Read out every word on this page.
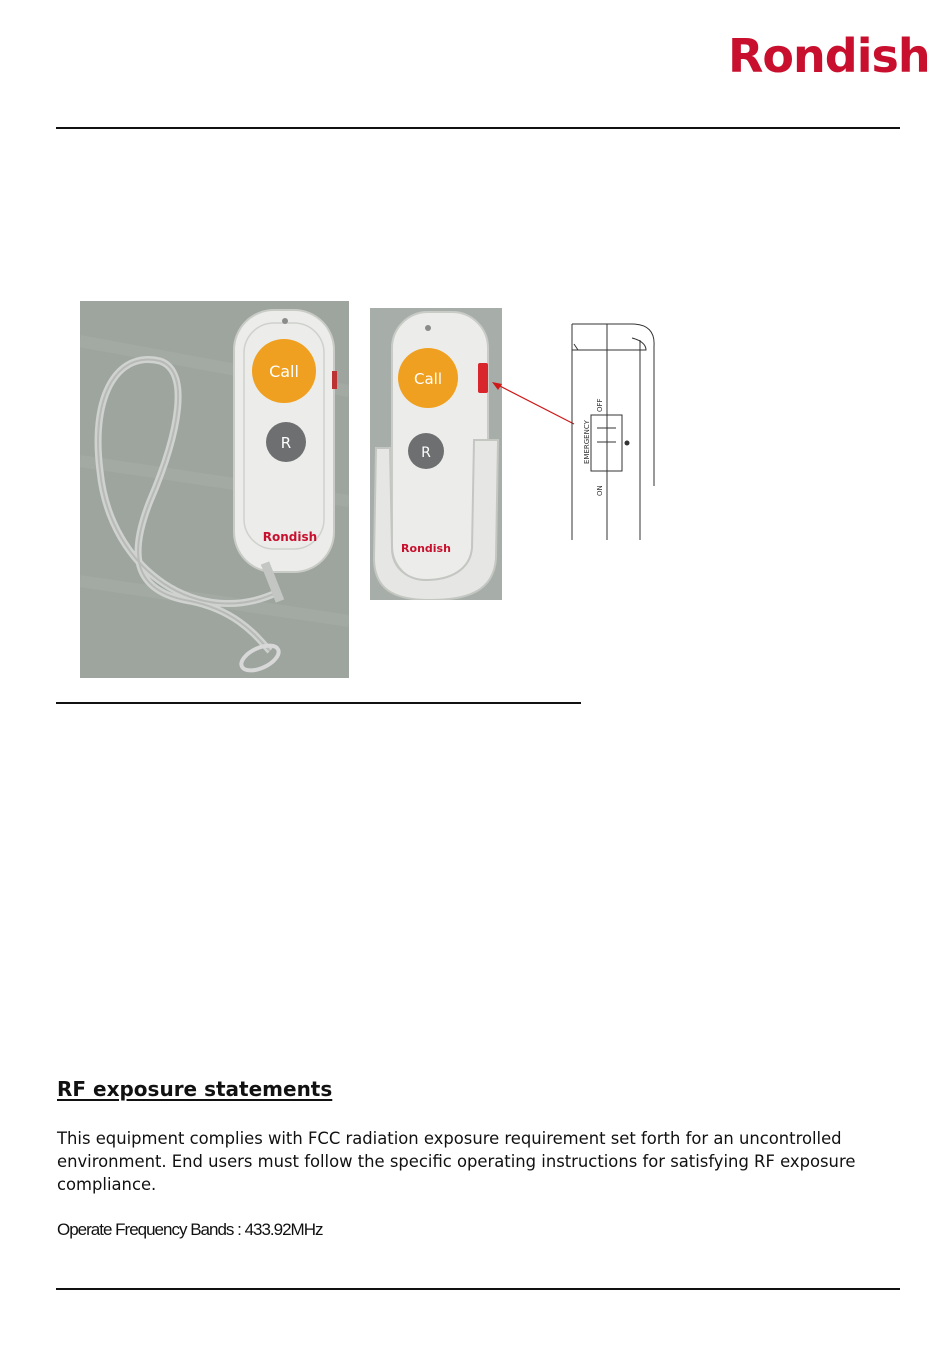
Rondish
Call
R
Rondish
Call
R
Rondish
OFF
EMERGENCY
ON
RF exposure statements

This equipment complies with FCC radiation exposure requirement set forth for an uncontrolled environment. End users must follow the specific operating instructions for satisfying RF exposure compliance.

Operate Frequency Bands : 433.92MHz
